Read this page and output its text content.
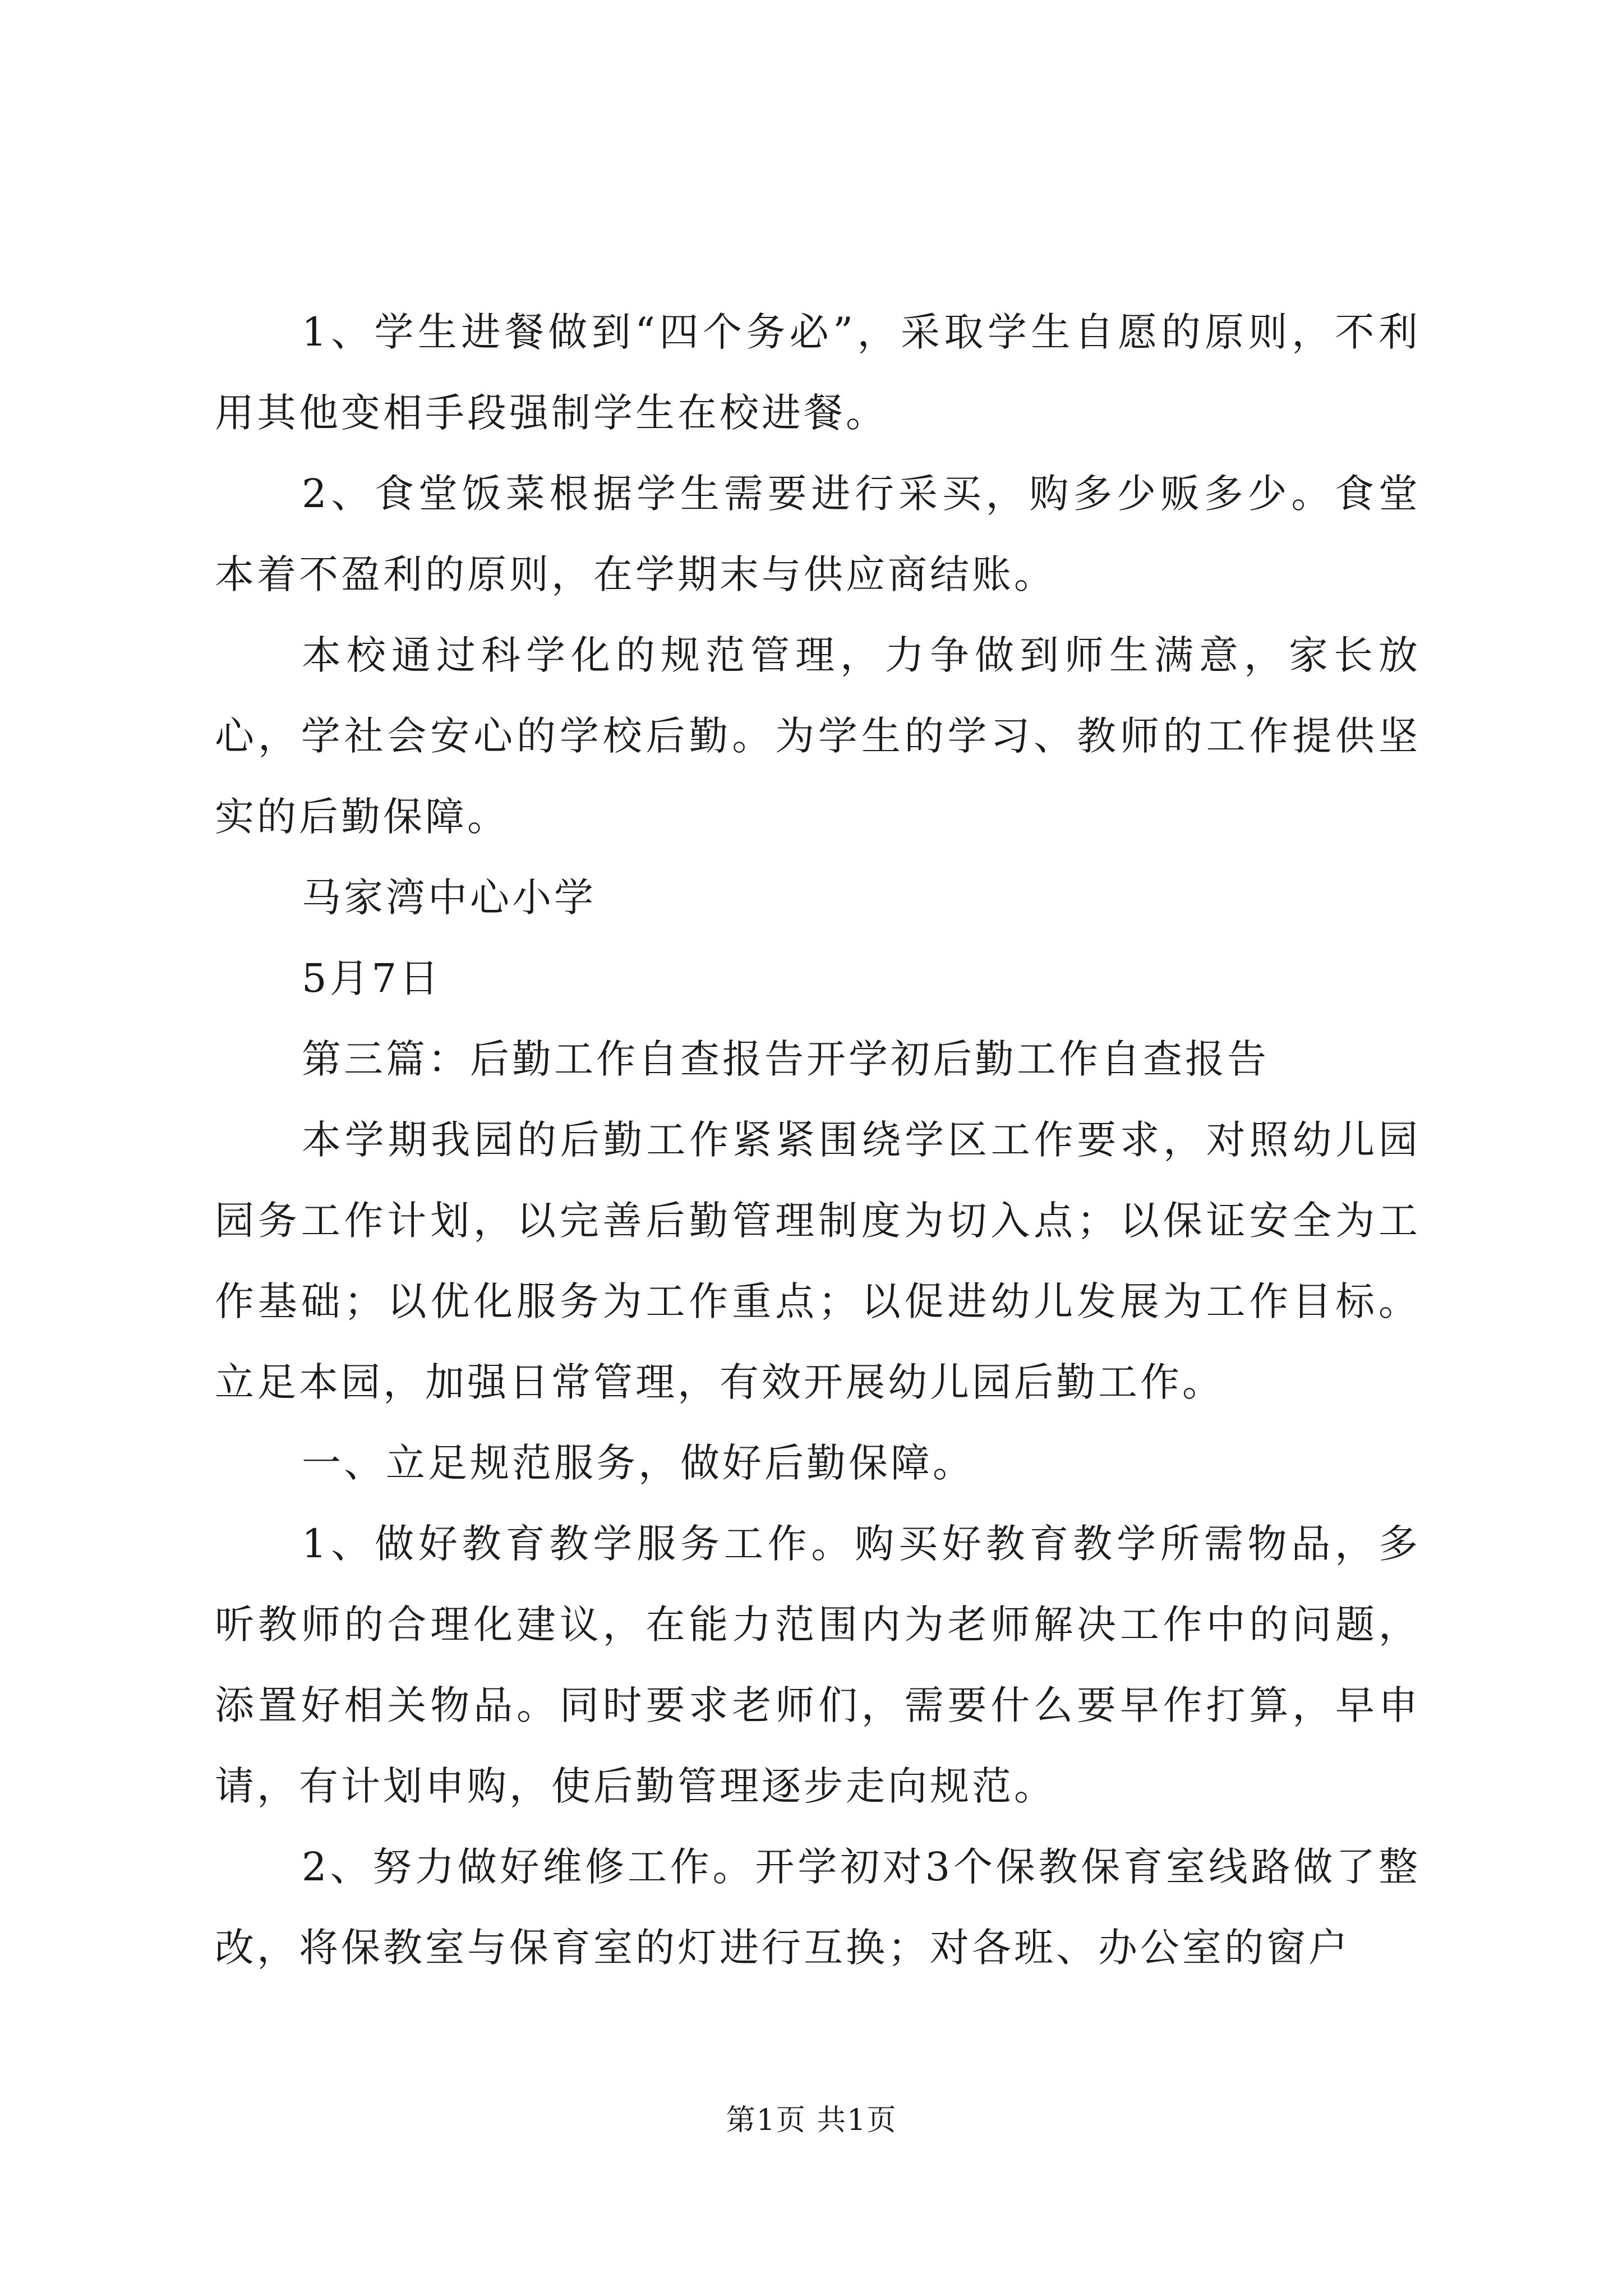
1、学生进餐做到“四个务必”，采取学生自愿的原则，不利用其他变相手段强制学生在校进餐。

2、食堂饭菜根据学生需要进行采买，购多少贩多少。食堂本着不盈利的原则，在学期末与供应商结账。

本校通过科学化的规范管理，力争做到师生满意，家长放心，学社会安心的学校后勤。为学生的学习、教师的工作提供坚实的后勤保障。

马家湾中心小学

5月7日

第三篇：后勤工作自查报告开学初后勤工作自查报告

本学期我园的后勤工作紧紧围绕学区工作要求，对照幼儿园园务工作计划，以完善后勤管理制度为切入点；以保证安全为工作基础；以优化服务为工作重点；以促进幼儿发展为工作目标。立足本园，加强日常管理，有效开展幼儿园后勤工作。

一、立足规范服务，做好后勤保障。

1、做好教育教学服务工作。购买好教育教学所需物品，多听教师的合理化建议，在能力范围内为老师解决工作中的问题，添置好相关物品。同时要求老师们，需要什么要早作打算，早申请，有计划申购，使后勤管理逐步走向规范。

2、努力做好维修工作。开学初对3个保教保育室线路做了整改，将保教室与保育室的灯进行互换；对各班、办公室的窗户

第1页 共1页
